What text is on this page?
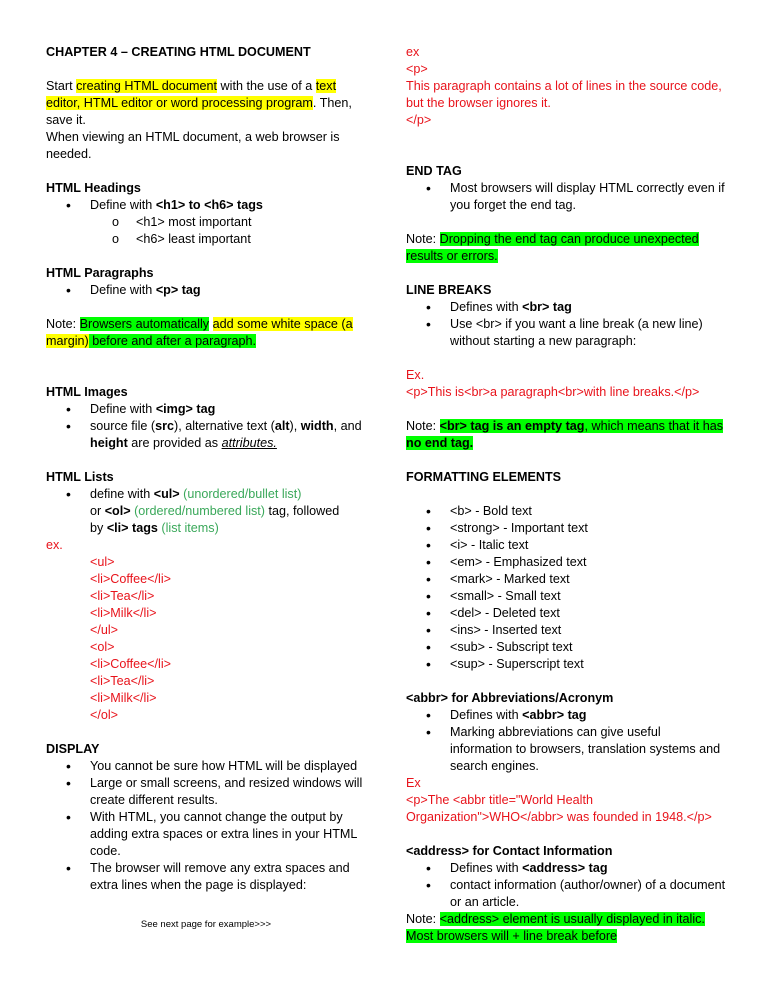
CHAPTER 4 – CREATING HTML DOCUMENT
Start creating HTML document with the use of a text editor, HTML editor or word processing program. Then, save it.
When viewing an HTML document, a web browser is needed.
HTML Headings
• Define with <h1> to <h6> tags
o <h1> most important
o <h6> least important
HTML Paragraphs
• Define with <p> tag
Note: Browsers automatically add some white space (a margin) before and after a paragraph.
HTML Images
• Define with <img> tag
• source file (src), alternative text (alt), width, and height are provided as attributes.
HTML Lists
• define with <ul> (unordered/bullet list)
or <ol> (ordered/numbered list) tag, followed
by <li> tags (list items)
ex.
<ul>
<li>Coffee</li>
<li>Tea</li>
<li>Milk</li>
</ul>
<ol>
<li>Coffee</li>
<li>Tea</li>
<li>Milk</li>
</ol>
DISPLAY
• You cannot be sure how HTML will be displayed
• Large or small screens, and resized windows will create different results.
• With HTML, you cannot change the output by adding extra spaces or extra lines in your HTML code.
• The browser will remove any extra spaces and extra lines when the page is displayed:
See next page for example>>>
ex
<p>
This paragraph contains a lot of lines in the source code, but the browser ignores it.
</p>
END TAG
• Most browsers will display HTML correctly even if you forget the end tag.
Note: Dropping the end tag can produce unexpected results or errors.
LINE BREAKS
• Defines with <br> tag
• Use <br> if you want a line break (a new line) without starting a new paragraph:
Ex.
<p>This is<br>a paragraph<br>with line breaks.</p>
Note: <br> tag is an empty tag, which means that it has no end tag.
FORMATTING ELEMENTS
• <b> - Bold text
• <strong> - Important text
• <i> - Italic text
• <em> - Emphasized text
• <mark> - Marked text
• <small> - Small text
• <del> - Deleted text
• <ins> - Inserted text
• <sub> - Subscript text
• <sup> - Superscript text
<abbr> for Abbreviations/Acronym
• Defines with <abbr> tag
• Marking abbreviations can give useful information to browsers, translation systems and search engines.
Ex
<p>The <abbr title="World Health Organization">WHO</abbr> was founded in 1948.</p>
<address> for Contact Information
• Defines with <address> tag
• contact information (author/owner) of a document or an article.
Note: <address> element is usually displayed in italic. Most browsers will + line break before
